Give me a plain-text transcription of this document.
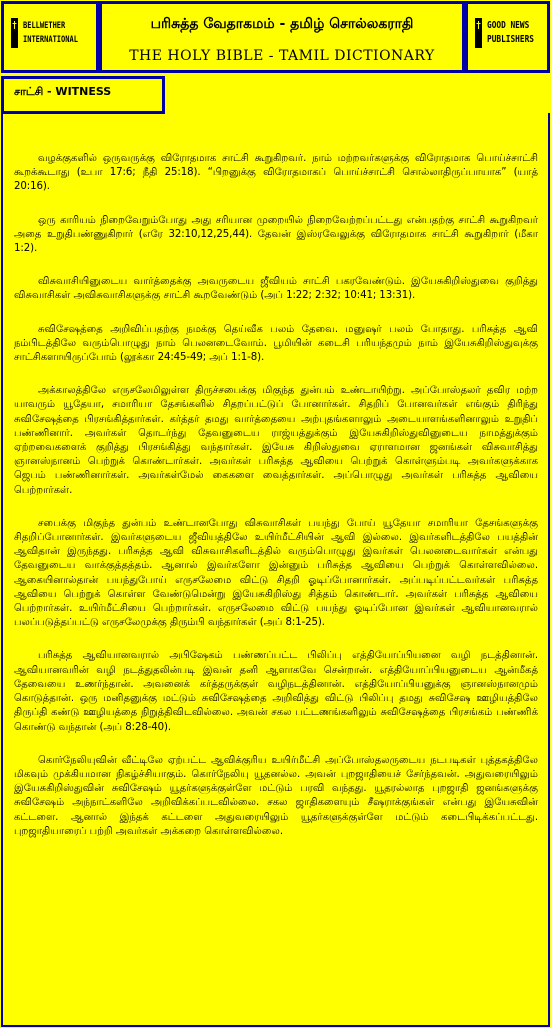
BELLWETHER
INTERNATIONAL
பரிசுத்த வேதாகமம் - தமிழ் சொல்லகராதி
THE HOLY BIBLE - TAMIL DICTIONARY
GOOD NEWS
PUBLISHERS
சாட்சி - WITNESS

வழக்குகளில் ஒருவருக்கு விரோதமாக சாட்சி கூறுகிறவர். நாம் மற்றவர்களுக்கு விரோதமாக பொய்ச்சாட்சி கூறக்கூடாது (உபா 17:6; நீதி 25:18). “பிறனுக்கு விரோதமாகப் பொய்ச்சாட்சி சொல்லாதிருப்பாயாக” (யாத் 20:16).

ஒரு காரியம் நிறைவேறும்போது அது சரியான முறையில் நிறைவேற்றப்பட்டது என்பதற்கு சாட்சி கூறுகிறவர் அதை உறுதிபண்ணுகிறார் (எரே 32:10,12,25,44). தேவன் இஸ்ரவேலுக்கு விரோதமாக சாட்சி கூறுகிறார் (மீகா 1:2).

விசுவாசியினுடைய வார்த்தைக்கு அவருடைய ஜீவியம் சாட்சி பகரவேண்டும். இயேசுகிறிஸ்துவை குறித்து விசுவாசிகள் அவிசுவாசிகளுக்கு சாட்சி கூறவேண்டும் (அப் 1:22; 2:32; 10:41; 13:31).

சுவிசேஷத்தை அறிவிப்பதற்கு நமக்கு தெய்வீக பலம் தேவை. மனுஷர் பலம் போதாது. பரிசுத்த ஆவி நம்பிடத்திலே வரும்பொழுது நாம் பெலனடைவோம். பூமியின் கடைசி பரியந்தமும் நாம் இயேசுகிறிஸ்துவுக்கு சாட்சிகளாயிருப்போம் (லூக்கா 24:45-49; அப் 1:1-8).

அக்காலத்திலே எருசலேமிலுள்ள திருச்சபைக்கு மிகுந்த துன்பம் உண்டாயிற்று. அப்போஸ்தலர் தவிர மற்ற யாவரும் யூதேயா, சமாரியா தேசங்களில் சிதறப்பட்டுப் போனார்கள். சிதறிப் போனவர்கள் எங்கும் திரிந்து சுவிசேஷத்தை பிரசங்கித்தார்கள். கர்த்தர் தமது வார்த்தையை அற்புதங்களாலும் அடையாளங்களினாலும் உறுதிப் பண்ணினார். அவர்கள் தொடர்ந்து தேவனுடைய ராஜ்யத்துக்கும் இயேசுகிறிஸ்துவினுடைய நாமத்துக்கும் ஏற்றவைகளைக் குறித்து பிரசங்கித்து வந்தார்கள். இயேசு கிறிஸ்துவை ஏராளமான ஜனங்கள் விசுவாசித்து ஞானஸ்நானம் பெற்றுக் கொண்டார்கள். அவர்கள் பரிசுத்த ஆவியை பெற்றுக் கொள்ளும்படி அவர்களுக்காக ஜெபம் பண்ணினார்கள். அவர்கள்மேல் கைகளை வைத்தார்கள். அப்பொழுது அவர்கள் பரிசுத்த ஆவியை பெற்றார்கள்.

சபைக்கு மிகுந்த துன்பம் உண்டானபோது விசுவாசிகள் பயந்து போய் யூதேயா சமாரியா தேசங்களுக்கு சிதறிப்போனார்கள். இவர்களுடைய ஜீவியத்திலே உயிர்மீட்சியின் ஆவி இல்லை. இவர்களிடத்திலே பயத்தின் ஆவிதான் இருந்தது. பரிசுத்த ஆவி விசுவாசிகளிடத்தில் வரும்பொழுது இவர்கள் பெலனடைவார்கள் என்பது தேவனுடைய வாக்குத்தத்தம். ஆனால் இவர்களோ இன்னும் பரிசுத்த ஆவியை பெற்றுக் கொள்ளவில்லை. ஆகையினால்தான் பயந்துபோய் எருசலேமை விட்டு சிதறி ஓடிப்போனார்கள். அப்படிப்பட்டவர்கள் பரிசுத்த ஆவியை பெற்றுக் கொள்ள வேண்டுமென்று இயேசுகிறிஸ்து சித்தம் கொண்டார். அவர்கள் பரிசுத்த ஆவியை பெற்றார்கள். உயிர்மீட்சியை பெற்றார்கள். எருசலேமை விட்டு பயந்து ஓடிப்போன இவர்கள் ஆவியானவரால் பலப்படுத்தப்பட்டு எருசலேமுக்கு திரும்பி வந்தார்கள் (அப் 8:1-25).

பரிசுத்த ஆவியானவரால் அபிஷேகம் பண்ணப்பட்ட பிலிப்பு எத்தியோப்பியனை வழி நடத்தினான். ஆவியானவரின் வழி நடத்துதலின்படி இவன் தனி ஆளாகவே சென்றான். எத்தியோப்பியனுடைய ஆன்மீகத் தேவையை உணர்ந்தான். அவனைக் கர்த்தருக்குள் வழிநடத்தினான். எத்தியோப்பியனுக்கு ஞானஸ்நானமும் கொடுத்தான். ஒரு மனிதனுக்கு மட்டும் சுவிசேஷத்தை அறிவித்து விட்டு பிலிப்பு தமது சுவிசேஷ ஊழியத்திலே திருப்தி கண்டு ஊழியத்தை நிறுத்திவிடவில்லை. அவன் சகல பட்டணங்களிலும் சுவிசேஷத்தை பிரசங்கம் பண்ணிக் கொண்டு வந்தான் (அப் 8:28-40).

கொர்நேலியுவின் வீட்டிலே ஏற்பட்ட ஆவிக்குரிய உயிர்மீட்சி அப்போஸ்தலருடைய நடபடிகள் புத்தகத்திலே மிகவும் முக்கியமான நிகழ்ச்சியாகும். கொர்நேலியு யூதனல்ல. அவன் புறஜாதியைச் சேர்ந்தவன். அதுவரையிலும் இயேசுகிறிஸ்துவின் சுவிசேஷம் யூதர்களுக்குள்ளே மட்டும் பரவி வந்தது. யூதரல்லாத புறஜாதி ஜனங்களுக்கு சுவிசேஷம் அந்நாட்களிலே அறிவிக்கப்படவில்லை. சகல ஜாதிகளையும் சீஷராக்குங்கள் என்பது இயேசுவின் கட்டளை. ஆனால் இந்தக் கட்டளை அதுவரையிலும் யூதர்களுக்குள்ளே மட்டும் கடைபிடிக்கப்பட்டது. புறஜாதியாரைப் பற்றி அவர்கள் அக்கறை கொள்ளவில்லை.
